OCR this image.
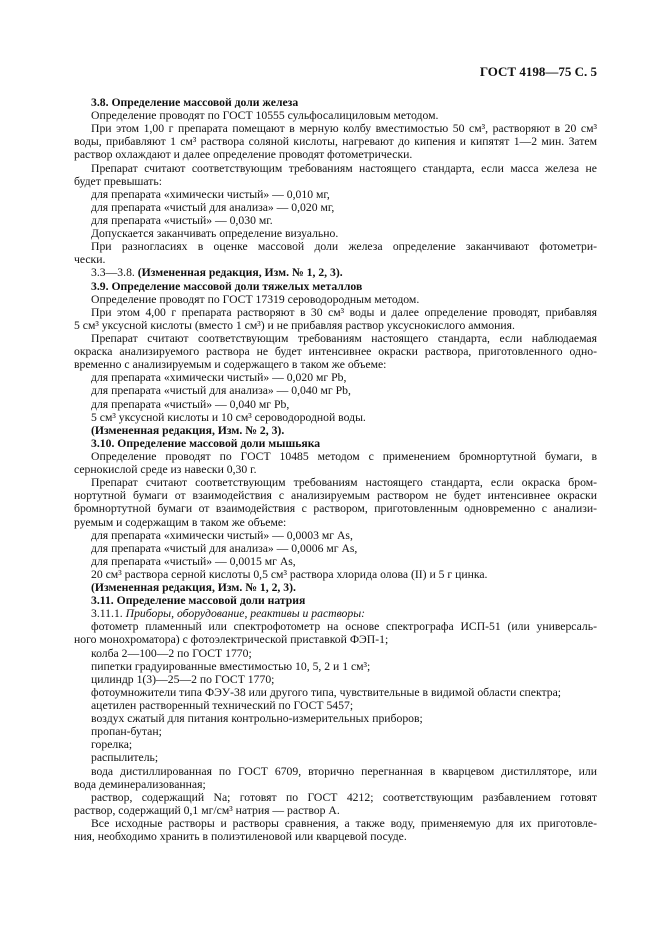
ГОСТ 4198—75 С. 5
3.8. Определение массовой доли железа
Определение проводят по ГОСТ 10555 сульфосалициловым методом.
При этом 1,00 г препарата помещают в мерную колбу вместимостью 50 см³, растворяют в 20 см³
воды, прибавляют 1 см³ раствора соляной кислоты, нагревают до кипения и кипятят 1—2 мин. Затем
раствор охлаждают и далее определение проводят фотометрически.
Препарат считают соответствующим требованиям настоящего стандарта, если масса железа не
будет превышать:
для препарата «химически чистый» — 0,010 мг,
для препарата «чистый для анализа» — 0,020 мг,
для препарата «чистый» — 0,030 мг.
Допускается заканчивать определение визуально.
При разногласиях в оценке массовой доли железа определение заканчивают фотометри-
чески.
3.3—3.8. (Измененная редакция, Изм. № 1, 2, 3).
3.9. Определение массовой доли тяжелых металлов
Определение проводят по ГОСТ 17319 сероводородным методом.
При этом 4,00 г препарата растворяют в 30 см³ воды и далее определение проводят, прибавляя
5 см³ уксусной кислоты (вместо 1 см³) и не прибавляя раствор уксуснокислого аммония.
Препарат считают соответствующим требованиям настоящего стандарта, если наблюдаемая
окраска анализируемого раствора не будет интенсивнее окраски раствора, приготовленного одно-
временно с анализируемым и содержащего в таком же объеме:
для препарата «химически чистый» — 0,020 мг Pb,
для препарата «чистый для анализа» — 0,040 мг Pb,
для препарата «чистый» — 0,040 мг Pb,
5 см³ уксусной кислоты и 10 см³ сероводородной воды.
(Измененная редакция, Изм. № 2, 3).
3.10. Определение массовой доли мышьяка
Определение проводят по ГОСТ 10485 методом с применением бромнортутной бумаги, в
сернокислой среде из навески 0,30 г.
Препарат считают соответствующим требованиям настоящего стандарта, если окраска бром-
нортутной бумаги от взаимодействия с анализируемым раствором не будет интенсивнее окраски
бромнортутной бумаги от взаимодействия с раствором, приготовленным одновременно с анализи-
руемым и содержащим в таком же объеме:
для препарата «химически чистый» — 0,0003 мг As,
для препарата «чистый для анализа» — 0,0006 мг As,
для препарата «чистый» — 0,0015 мг As,
20 см³ раствора серной кислоты 0,5 см³ раствора хлорида олова (II) и 5 г цинка.
(Измененная редакция, Изм. № 1, 2, 3).
3.11. Определение массовой доли натрия
3.11.1. Приборы, оборудование, реактивы и растворы:
фотометр пламенный или спектрофотометр на основе спектрографа ИСП-51 (или универсаль-
ного монохроматора) с фотоэлектрической приставкой ФЭП-1;
колба 2—100—2 по ГОСТ 1770;
пипетки градуированные вместимостью 10, 5, 2 и 1 см³;
цилиндр 1(3)—25—2 по ГОСТ 1770;
фотоумножители типа ФЭУ-38 или другого типа, чувствительные в видимой области спектра;
ацетилен растворенный технический по ГОСТ 5457;
воздух сжатый для питания контрольно-измерительных приборов;
пропан-бутан;
горелка;
распылитель;
вода дистиллированная по ГОСТ 6709, вторично перегнанная в кварцевом дистилляторе, или
вода деминерализованная;
раствор, содержащий Na; готовят по ГОСТ 4212; соответствующим разбавлением готовят
раствор, содержащий 0,1 мг/см³ натрия — раствор А.
Все исходные растворы и растворы сравнения, а также воду, применяемую для их приготовле-
ния, необходимо хранить в полиэтиленовой или кварцевой посуде.
